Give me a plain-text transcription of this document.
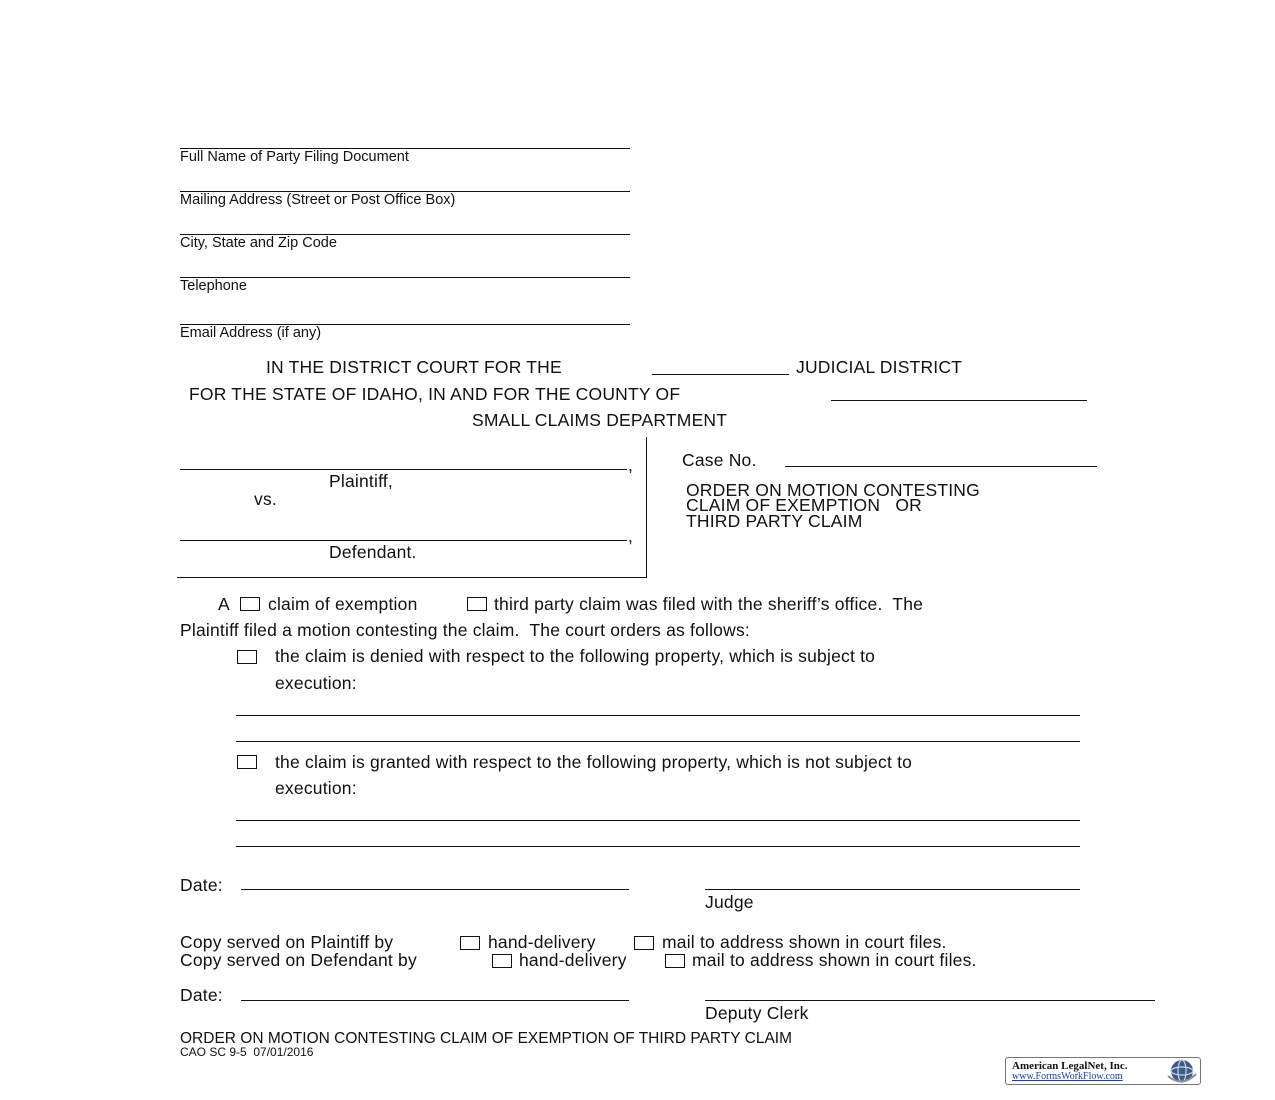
Full Name of Party Filing Document
Mailing Address (Street or Post Office Box)
City, State and Zip Code
Telephone
Email Address (if any)
IN THE DISTRICT COURT FOR THE	JUDICIAL DISTRICT
FOR THE STATE OF IDAHO, IN AND FOR THE COUNTY OF
SMALL CLAIMS DEPARTMENT
,
Plaintiff,
vs.
,
Defendant.
Case No.
ORDER ON MOTION CONTESTING
CLAIM OF EXEMPTION   OR
THIRD PARTY CLAIM
A claim of exemption	third party claim was filed with the sheriff’s office.  The
Plaintiff filed a motion contesting the claim.  The court orders as follows:
the claim is denied with respect to the following property, which is subject to
execution:
the claim is granted with respect to the following property, which is not subject to
execution:
Date:
Judge
Copy served on Plaintiff by	hand-delivery	mail to address shown in court files.
Copy served on Defendant by	hand-delivery	mail to address shown in court files.
Date:
Deputy Clerk
ORDER ON MOTION CONTESTING CLAIM OF EXEMPTION OF THIRD PARTY CLAIM
CAO SC 9-5  07/01/2016
American LegalNet, Inc.
www.FormsWorkFlow.com
